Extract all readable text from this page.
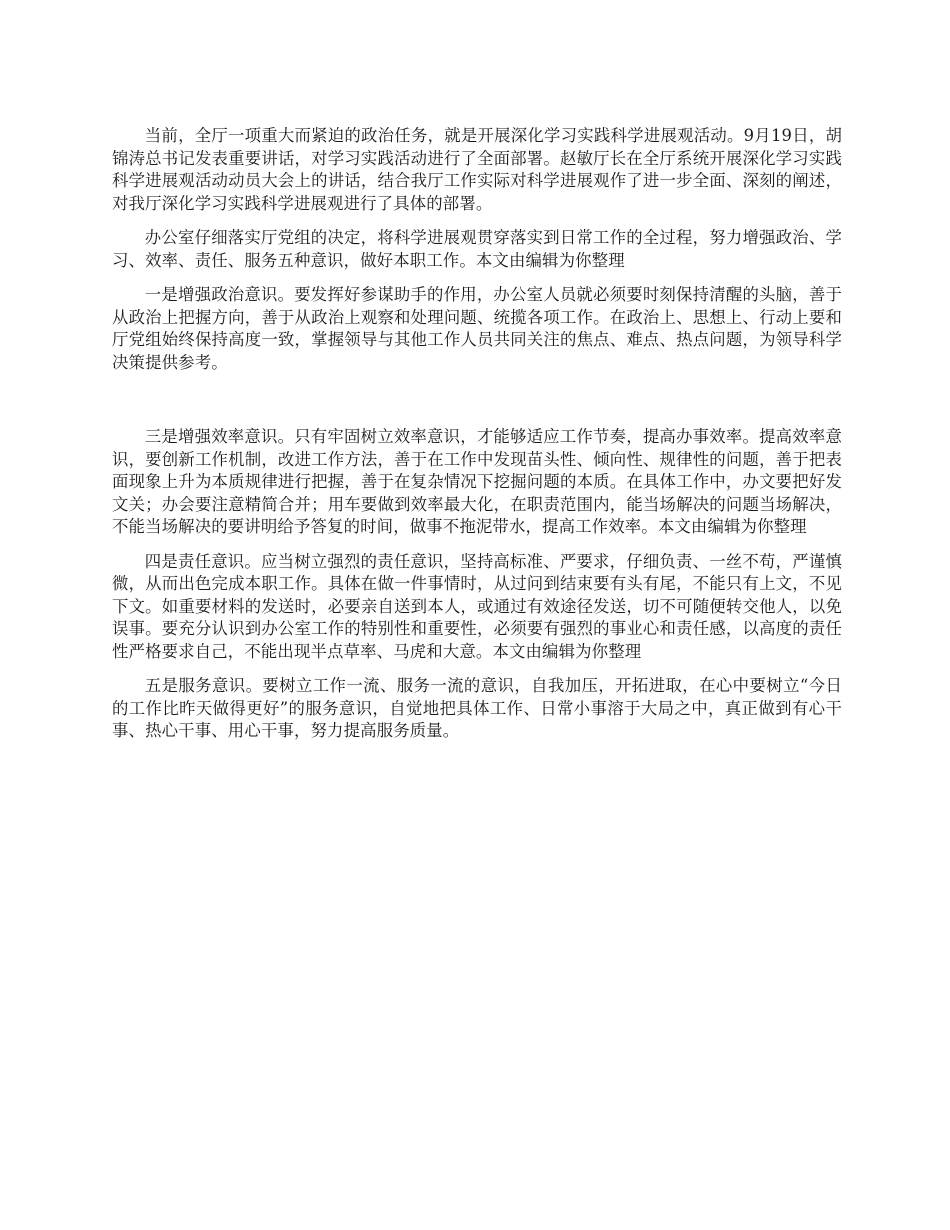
当前，全厅一项重大而紧迫的政治任务，就是开展深化学习实践科学进展观活动。9月19日，胡锦涛总书记发表重要讲话，对学习实践活动进行了全面部署。赵敏厅长在全厅系统开展深化学习实践科学进展观活动动员大会上的讲话，结合我厅工作实际对科学进展观作了进一步全面、深刻的阐述，对我厅深化学习实践科学进展观进行了具体的部署。

办公室仔细落实厅党组的决定，将科学进展观贯穿落实到日常工作的全过程，努力增强政治、学习、效率、责任、服务五种意识，做好本职工作。本文由编辑为你整理

一是增强政治意识。要发挥好参谋助手的作用，办公室人员就必须要时刻保持清醒的头脑，善于从政治上把握方向，善于从政治上观察和处理问题、统揽各项工作。在政治上、思想上、行动上要和厅党组始终保持高度一致，掌握领导与其他工作人员共同关注的焦点、难点、热点问题，为领导科学决策提供参考。

三是增强效率意识。只有牢固树立效率意识，才能够适应工作节奏，提高办事效率。提高效率意识，要创新工作机制，改进工作方法，善于在工作中发现苗头性、倾向性、规律性的问题，善于把表面现象上升为本质规律进行把握，善于在复杂情况下挖掘问题的本质。在具体工作中，办文要把好发文关；办会要注意精简合并；用车要做到效率最大化，在职责范围内，能当场解决的问题当场解决，不能当场解决的要讲明给予答复的时间，做事不拖泥带水，提高工作效率。本文由编辑为你整理

四是责任意识。应当树立强烈的责任意识，坚持高标准、严要求，仔细负责、一丝不苟，严谨慎微，从而出色完成本职工作。具体在做一件事情时，从过问到结束要有头有尾，不能只有上文，不见下文。如重要材料的发送时，必要亲自送到本人，或通过有效途径发送，切不可随便转交他人，以免误事。要充分认识到办公室工作的特别性和重要性，必须要有强烈的事业心和责任感，以高度的责任性严格要求自己，不能出现半点草率、马虎和大意。本文由编辑为你整理

五是服务意识。要树立工作一流、服务一流的意识，自我加压，开拓进取，在心中要树立“今日的工作比昨天做得更好”的服务意识，自觉地把具体工作、日常小事溶于大局之中，真正做到有心干事、热心干事、用心干事，努力提高服务质量。
